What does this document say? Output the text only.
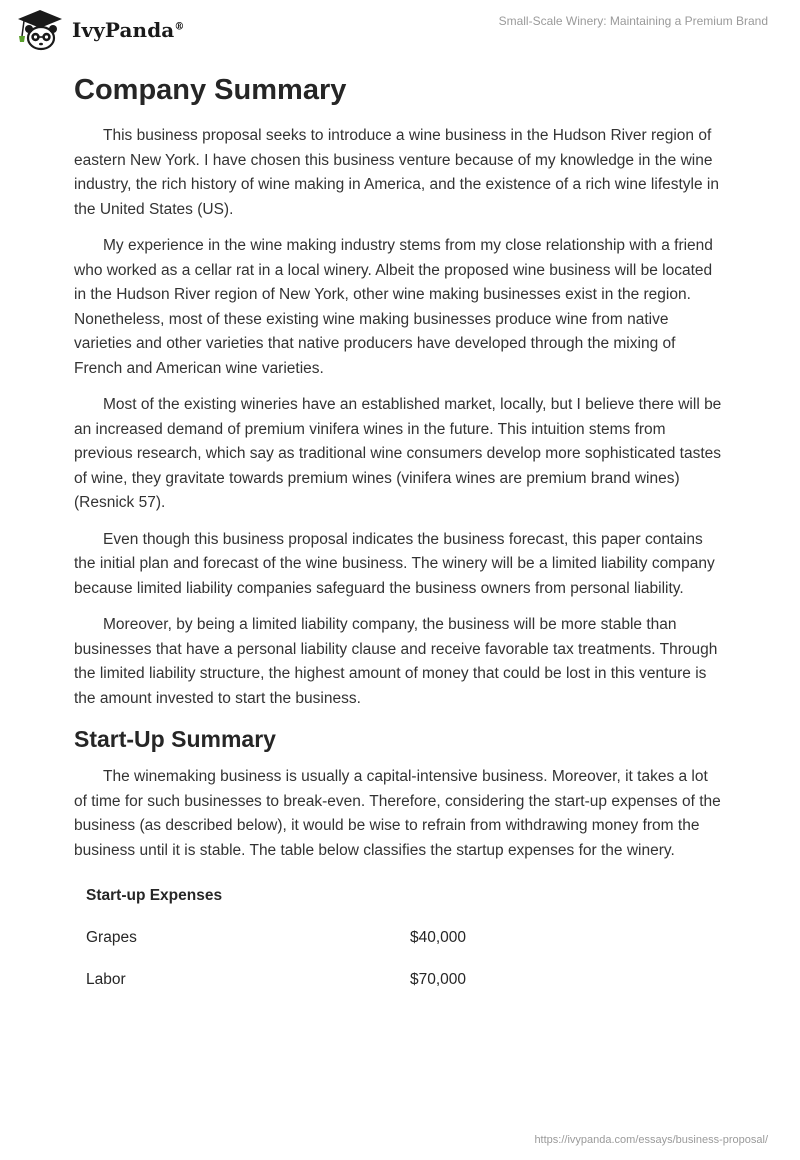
IvyPanda®	Small-Scale Winery: Maintaining a Premium Brand
Company Summary

This business proposal seeks to introduce a wine business in the Hudson River region of eastern New York. I have chosen this business venture because of my knowledge in the wine industry, the rich history of wine making in America, and the existence of a rich wine lifestyle in the United States (US).

My experience in the wine making industry stems from my close relationship with a friend who worked as a cellar rat in a local winery. Albeit the proposed wine business will be located in the Hudson River region of New York, other wine making businesses exist in the region. Nonetheless, most of these existing wine making businesses produce wine from native varieties and other varieties that native producers have developed through the mixing of French and American wine varieties.

Most of the existing wineries have an established market, locally, but I believe there will be an increased demand of premium vinifera wines in the future. This intuition stems from previous research, which say as traditional wine consumers develop more sophisticated tastes of wine, they gravitate towards premium wines (vinifera wines are premium brand wines) (Resnick 57).

Even though this business proposal indicates the business forecast, this paper contains the initial plan and forecast of the wine business. The winery will be a limited liability company because limited liability companies safeguard the business owners from personal liability.

Moreover, by being a limited liability company, the business will be more stable than businesses that have a personal liability clause and receive favorable tax treatments. Through the limited liability structure, the highest amount of money that could be lost in this venture is the amount invested to start the business.

Start-Up Summary

The winemaking business is usually a capital-intensive business. Moreover, it takes a lot of time for such businesses to break-even. Therefore, considering the start-up expenses of the business (as described below), it would be wise to refrain from withdrawing money from the business until it is stable. The table below classifies the startup expenses for the winery.

Start-up Expenses	
Grapes	$40,000
Labor	$70,000
https://ivypanda.com/essays/business-proposal/
